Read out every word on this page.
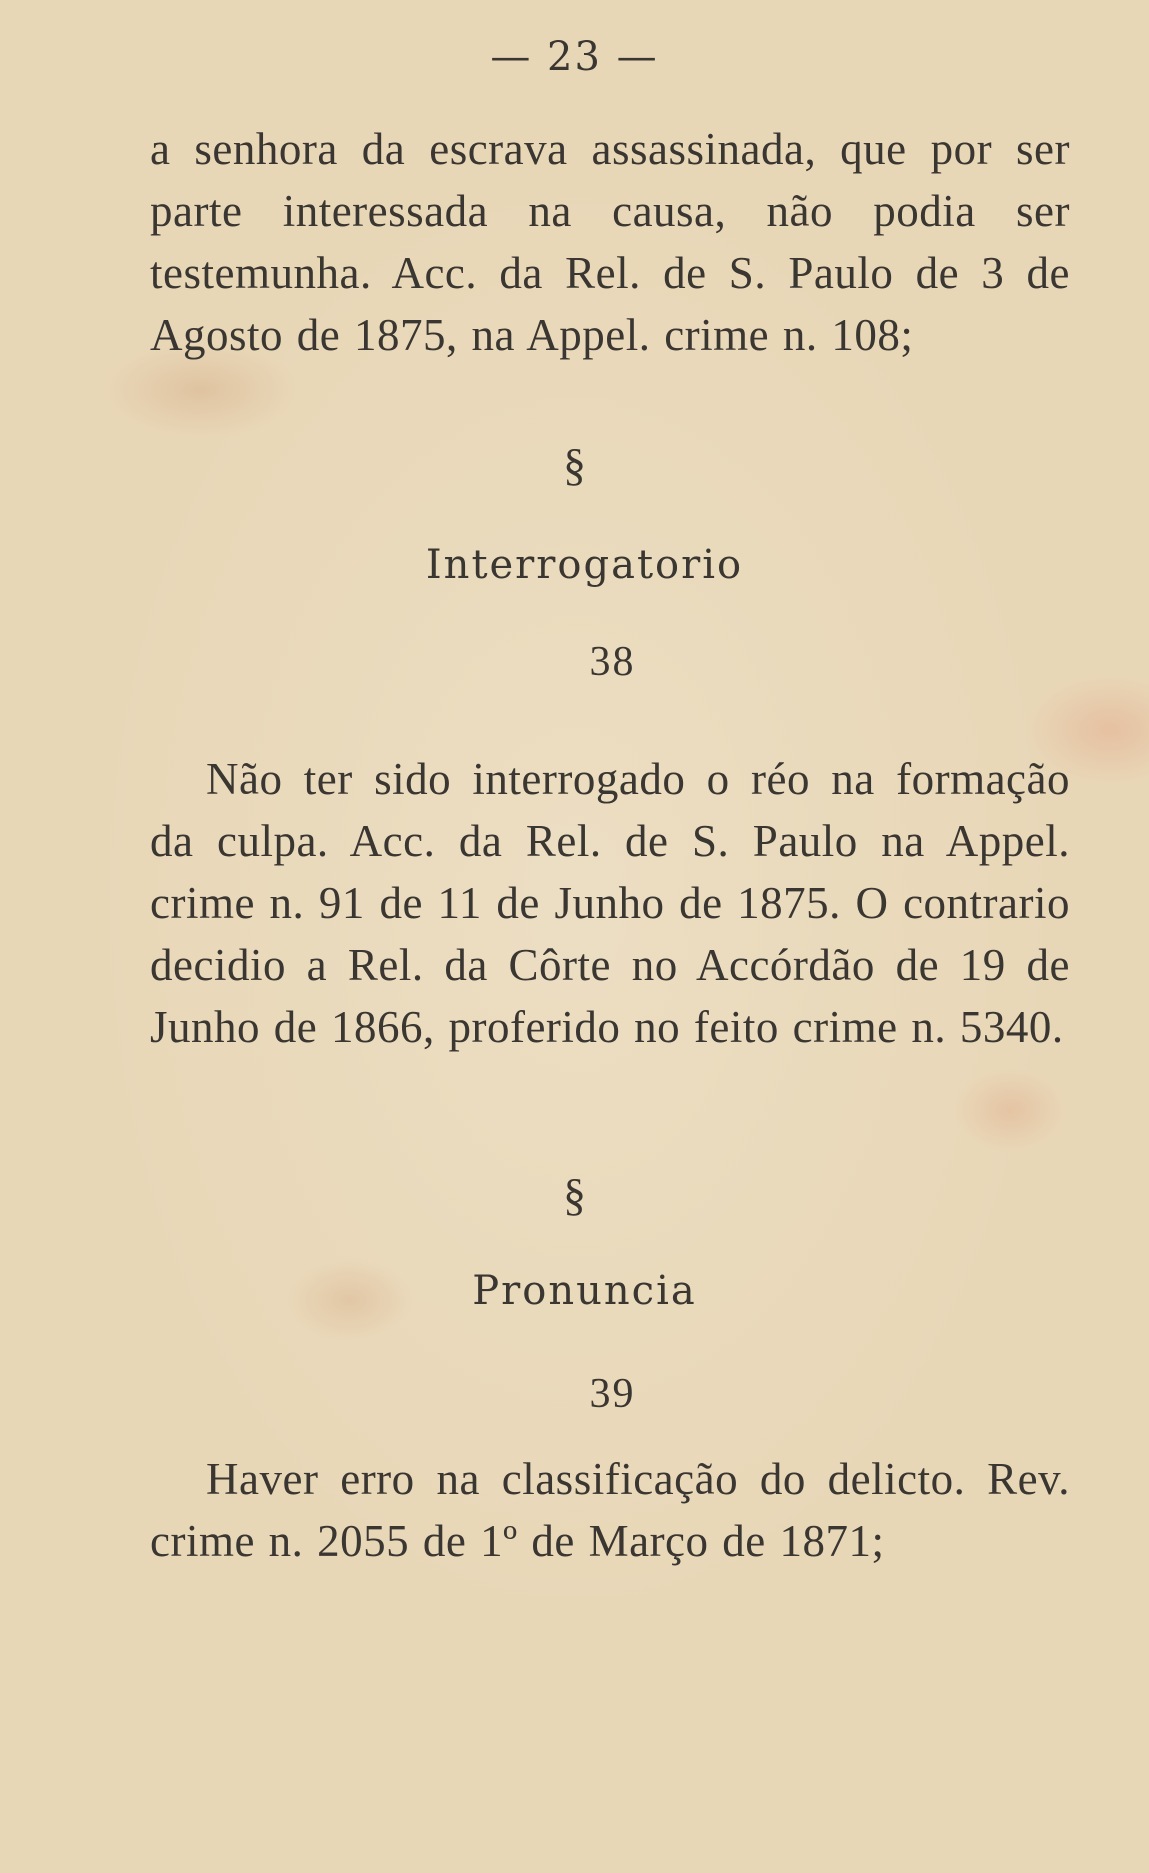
— 23 —

a senhora da escrava assassinada, que por ser parte interessada na causa, não podia ser testemunha. Acc. da Rel. de S. Paulo de 3 de Agosto de 1875, na Appel. crime n. 108;

§
Interrogatorio
38

Não ter sido interrogado o réo na formação da culpa. Acc. da Rel. de S. Paulo na Appel. crime n. 91 de 11 de Junho de 1875. O contrario decidio a Rel. da Côrte no Accórdão de 19 de Junho de 1866, proferido no feito crime n. 5340.

§
Pronuncia
39

Haver erro na classificação do delicto. Rev. crime n. 2055 de 1º de Março de 1871;
